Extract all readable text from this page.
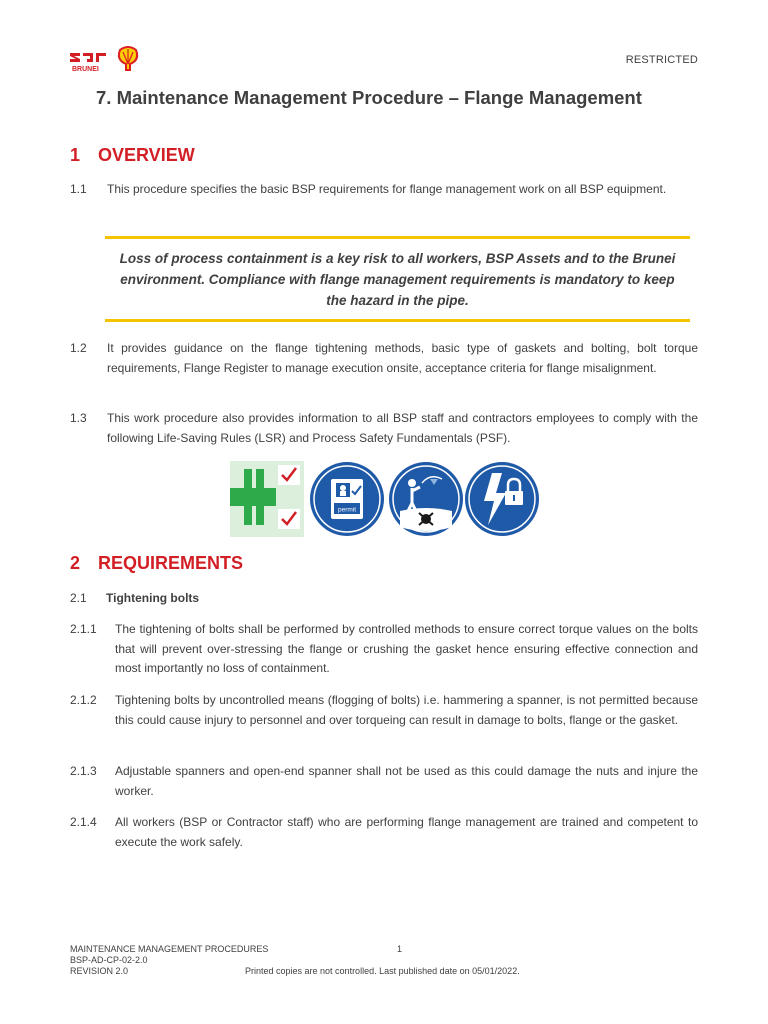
BRUNEI
RESTRICTED
7. Maintenance Management Procedure – Flange Management
1 OVERVIEW
1.1 This procedure specifies the basic BSP requirements for flange management work on all BSP equipment.
Loss of process containment is a key risk to all workers, BSP Assets and to the Brunei environment. Compliance with flange management requirements is mandatory to keep the hazard in the pipe.
1.2 It provides guidance on the flange tightening methods, basic type of gaskets and bolting, bolt torque requirements, Flange Register to manage execution onsite, acceptance criteria for flange misalignment.
1.3 This work procedure also provides information to all BSP staff and contractors employees to comply with the following Life-Saving Rules (LSR) and Process Safety Fundamentals (PSF).
permit
2 REQUIREMENTS
2.1 Tightening bolts
2.1.1 The tightening of bolts shall be performed by controlled methods to ensure correct torque values on the bolts that will prevent over-stressing the flange or crushing the gasket hence ensuring effective connection and most importantly no loss of containment.
2.1.2 Tightening bolts by uncontrolled means (flogging of bolts) i.e. hammering a spanner, is not permitted because this could cause injury to personnel and over torqueing can result in damage to bolts, flange or the gasket.
2.1.3 Adjustable spanners and open-end spanner shall not be used as this could damage the nuts and injure the worker.
2.1.4 All workers (BSP or Contractor staff) who are performing flange management are trained and competent to execute the work safely.
MAINTENANCE MANAGEMENT PROCEDURES
BSP-AD-CP-02-2.0
REVISION 2.0
1
Printed copies are not controlled. Last published date on 05/01/2022.
